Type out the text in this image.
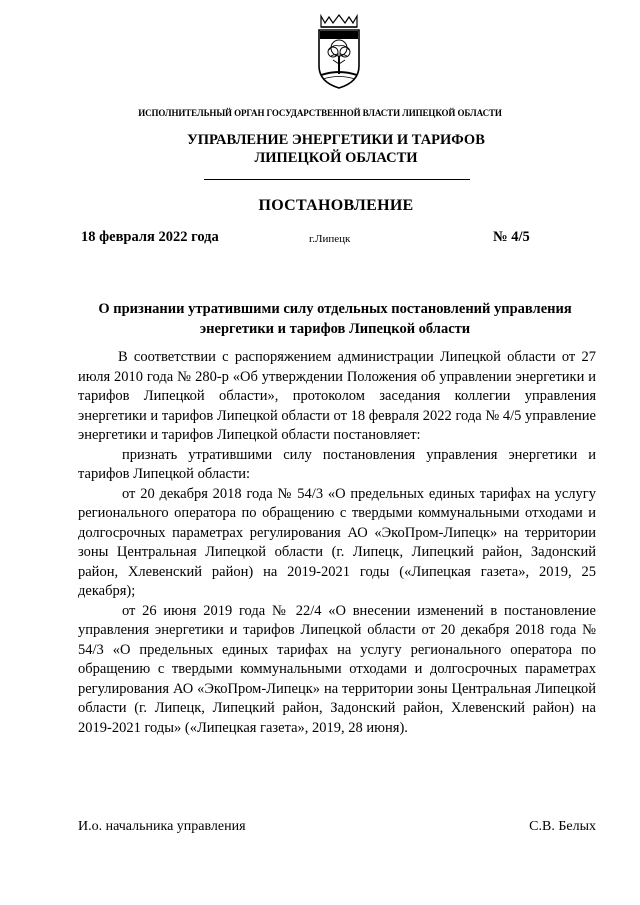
ИСПОЛНИТЕЛЬНЫЙ ОРГАН ГОСУДАРСТВЕННОЙ ВЛАСТИ ЛИПЕЦКОЙ ОБЛАСТИ
УПРАВЛЕНИЕ ЭНЕРГЕТИКИ И ТАРИФОВ
ЛИПЕЦКОЙ ОБЛАСТИ
ПОСТАНОВЛЕНИЕ
18 февраля 2022 года	г.Липецк	№ 4/5
О признании утратившими силу отдельных постановлений управления
энергетики и тарифов Липецкой области

В соответствии с распоряжением администрации Липецкой области от 27 июля 2010 года № 280-р «Об утверждении Положения об управлении энергетики и тарифов Липецкой области», протоколом заседания коллегии управления энергетики и тарифов Липецкой области от 18 февраля 2022 года № 4/5 управление энергетики и тарифов Липецкой области постановляет:

признать утратившими силу постановления управления энергетики и тарифов Липецкой области:

от 20 декабря 2018 года № 54/3 «О предельных единых тарифах на услугу регионального оператора по обращению с твердыми коммунальными отходами и долгосрочных параметрах регулирования АО «ЭкоПром-Липецк» на территории зоны Центральная Липецкой области (г. Липецк, Липецкий район, Задонский район, Хлевенский район) на 2019-2021 годы («Липецкая газета», 2019, 25 декабря);

от 26 июня 2019 года № 22/4 «О внесении изменений в постановление управления энергетики и тарифов Липецкой области от 20 декабря 2018 года № 54/3 «О предельных единых тарифах на услугу регионального оператора по обращению с твердыми коммунальными отходами и долгосрочных параметрах регулирования АО «ЭкоПром-Липецк» на территории зоны Центральная Липецкой области (г. Липецк, Липецкий район, Задонский район, Хлевенский район) на 2019-2021 годы» («Липецкая газета», 2019, 28 июня).

И.о. начальника управления	С.В. Белых
